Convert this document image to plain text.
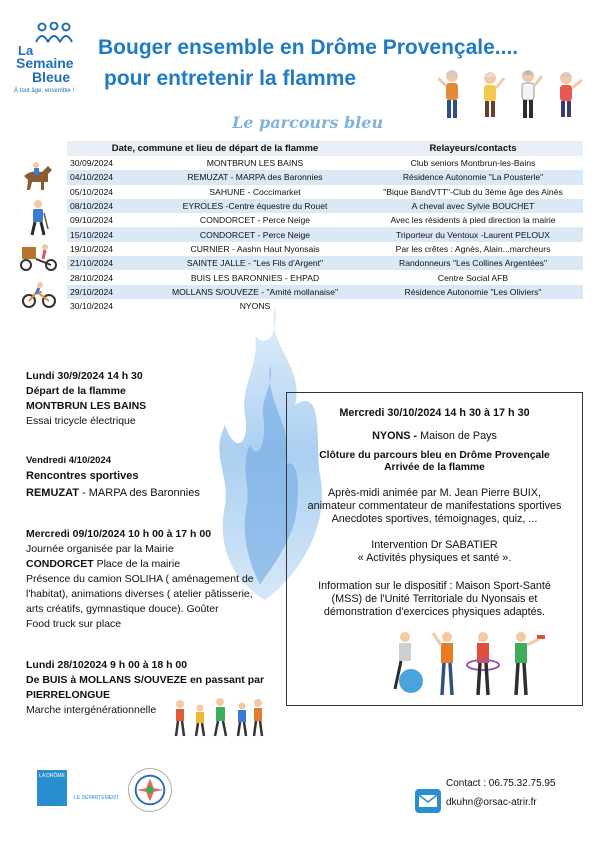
La
Semaine
Bleue
À tout âge, ensemble !
Bouger ensemble en Drôme Provençale....
pour entretenir la flamme
Le parcours bleu
Date, commune et lieu de départ de la flamme		Relayeurs/contacts
30/09/2024	MONTBRUN LES BAINS	Club seniors Montbrun-les-Bains
04/10/2024	REMUZAT - MARPA des Baronnies	Résidence Autonomie "La Pousterle"
05/10/2024	SAHUNE - Coccimarket	"Bique BandVTT"-Club du 3ème âge des Ainés
08/10/2024	EYROLES -Centre équestre du Rouet	A cheval avec Sylvie BOUCHET
09/10/2024	CONDORCET - Perce Neige	Avec les résidents à pied direction la mairie
15/10/2024	CONDORCET - Perce Neige	Triporteur du Ventoux -Laurent PELOUX
19/10/2024	CURNIER - Aashn Haut Nyonsais	Par les crêtes : Agnès, Alain...marcheurs
21/10/2024	SAINTE JALLE - "Les Fils d'Argent"	Randonneurs "Les Collines Argentées"
28/10/2024	BUIS LES BARONNIES - EHPAD	Centre Social AFB
29/10/2024	MOLLANS S/OUVEZE - "Amité mollanaise"	Résidence Autonomie "Les Oliviers"
30/10/2024	NYONS	
Lundi 30/9/2024 14 h 30
Départ de la flamme
MONTBRUN LES BAINS
Essai tricycle électrique
Vendredi 4/10/2024
Rencontres sportives
REMUZAT - MARPA des Baronnies
Mercredi 09/10/2024 10 h 00 à 17 h 00
Journée organisée par la Mairie
CONDORCET Place de la mairie
Présence du camion SOLIHA ( aménagement de
l'habitat), animations diverses ( atelier pâtisserie,
arts créatifs, gymnastique douce). Goûter
Food truck sur place
Lundi 28/102024 9 h 00 à 18 h 00
De BUIS à MOLLANS S/OUVEZE en passant par
PIERRELONGUE
Marche intergénérationnelle
Mercredi 30/10/2024 14 h 30 à 17 h 30
NYONS - Maison de Pays
Clôture du parcours bleu en Drôme Provençale
Arrivée de la flamme
Après-midi animée par M. Jean Pierre BUIX,
animateur commentateur de manifestations sportives
Anecdotes sportives, témoignages, quiz, ...
Intervention Dr SABATIER
« Activités physiques et santé ».
Information sur le dispositif : Maison Sport-Santé
(MSS) de l'Unité Territoriale du Nyonsais et
démonstration d'exercices physiques adaptés.
LA DRÔME
LE DÉPARTEMENT
Contact : 06.75.32.75.95
dkuhn@orsac-atrir.fr
